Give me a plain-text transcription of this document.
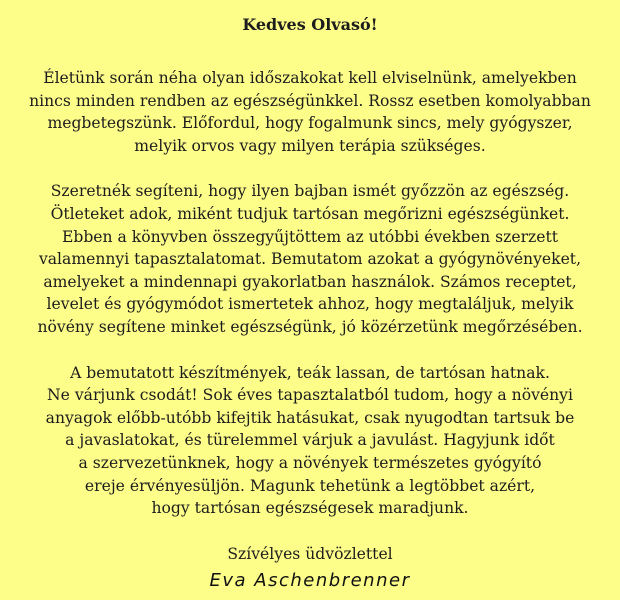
Kedves Olvasó!
Életünk során néha olyan időszakokat kell elviselnünk, amelyekben
nincs minden rendben az egészségünkkel. Rossz esetben komolyabban
megbetegszünk. Előfordul, hogy fogalmunk sincs, mely gyógyszer,
melyik orvos vagy milyen terápia szükséges.
Szeretnék segíteni, hogy ilyen bajban ismét győzzön az egészség.
Ötleteket adok, miként tudjuk tartósan megőrizni egészségünket.
Ebben a könyvben összegyűjtöttem az utóbbi években szerzett
valamennyi tapasztalatomat. Bemutatom azokat a gyógynövényeket,
amelyeket a mindennapi gyakorlatban használok. Számos receptet,
levelet és gyógymódot ismertetek ahhoz, hogy megtaláljuk, melyik
növény segítene minket egészségünk, jó közérzetünk megőrzésében.
A bemutatott készítmények, teák lassan, de tartósan hatnak.
Ne várjunk csodát! Sok éves tapasztalatból tudom, hogy a növényi
anyagok előbb-utóbb kifejtik hatásukat, csak nyugodtan tartsuk be
a javaslatokat, és türelemmel várjuk a javulást. Hagyjunk időt
a szervezetünknek, hogy a növények természetes gyógyító
ereje érvényesüljön. Magunk tehetünk a legtöbbet azért,
hogy tartósan egészségesek maradjunk.
Szívélyes üdvözlettel
Eva Aschenbrenner
